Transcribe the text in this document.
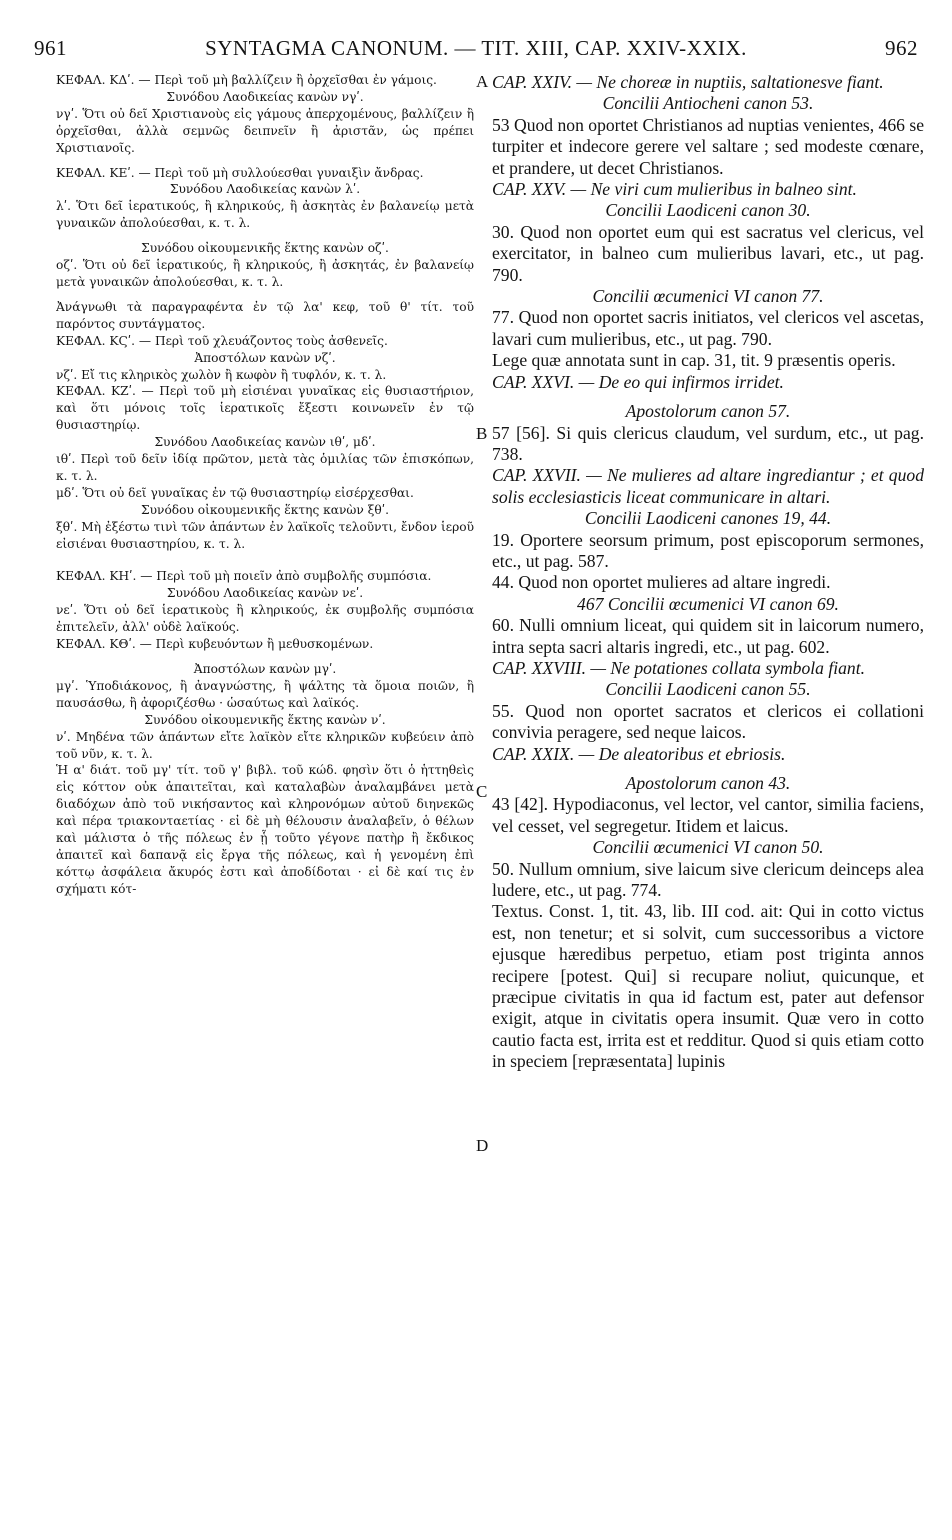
961	SYNTAGMA CANONUM. — TIT. XIII, CAP. XXIV-XXIX.	962
ΚΕΦΑΛ. ΚΔʹ. — Περὶ τοῦ μὴ βαλλίζειν ἢ ὀρχεῖσθαι ἐν γάμοις.
Συνόδου Λαοδικείας κανὼν νγʹ.
νγʹ. Ὅτι οὐ δεῖ Χριστιανοὺς εἰς γάμους ἀπερχομένους, βαλλίζειν ἢ ὀρχεῖσθαι, ἀλλὰ σεμνῶς δειπνεῖν ἢ ἀριστᾶν, ὡς πρέπει Χριστιανοῖς.
ΚΕΦΑΛ. ΚΕʹ. — Περὶ τοῦ μὴ συλλούεσθαι γυναιξὶν ἄνδρας.
Συνόδου Λαοδικείας κανὼν λʹ.
λʹ. Ὅτι δεῖ ἱερατικούς, ἢ κληρικούς, ἢ ἀσκητὰς ἐν βαλανείῳ μετὰ γυναικῶν ἀπολούεσθαι, κ. τ. λ.
Συνόδου οἰκουμενικῆς ἕκτης κανὼν οζʹ.
οζʹ. Ὅτι οὐ δεῖ ἱερατικούς, ἢ κληρικούς, ἢ ἀσκητάς, ἐν βαλανείῳ μετὰ γυναικῶν ἀπολούεσθαι, κ. τ. λ.
Ἀνάγνωθι τὰ παραγραφέντα ἐν τῷ λα' κεφ, τοῦ θ' τίτ. τοῦ παρόντος συντάγματος.
ΚΕΦΑΛ. ΚϚʹ. — Περὶ τοῦ χλευάζοντος τοὺς ἀσθενεῖς.
Ἀποστόλων κανὼν νζʹ.
νζʹ. Εἴ τις κληρικὸς χωλὸν ἢ κωφὸν ἢ τυφλόν, κ. τ. λ.
ΚΕΦΑΛ. ΚΖʹ. — Περὶ τοῦ μὴ εἰσιέναι γυναῖκας εἰς θυσιαστήριον, καὶ ὅτι μόνοις τοῖς ἱερατικοῖς ἔξεστι κοινωνεῖν ἐν τῷ θυσιαστηρίῳ.
Συνόδου Λαοδικείας κανὼν ιθʹ, μδʹ.
ιθʹ. Περὶ τοῦ δεῖν ἰδίᾳ πρῶτον, μετὰ τὰς ὁμιλίας τῶν ἐπισκόπων, κ. τ. λ.
μδʹ. Ὅτι οὐ δεῖ γυναῖκας ἐν τῷ θυσιαστηρίῳ εἰσέρχεσθαι.
Συνόδου οἰκουμενικῆς ἕκτης κανὼν ξθʹ.
ξθʹ. Μὴ ἐξέστω τινὶ τῶν ἁπάντων ἐν λαϊκοῖς τελοῦντι, ἔνδον ἱεροῦ εἰσιέναι θυσιαστηρίου, κ. τ. λ.
ΚΕΦΑΛ. ΚΗʹ. — Περὶ τοῦ μὴ ποιεῖν ἀπὸ συμβολῆς συμπόσια.
Συνόδου Λαοδικείας κανὼν νεʹ.
νεʹ. Ὅτι οὐ δεῖ ἱερατικοὺς ἢ κληρικούς, ἐκ συμβολῆς συμπόσια ἐπιτελεῖν, ἀλλ' οὐδὲ λαϊκούς.
ΚΕΦΑΛ. ΚΘʹ. — Περὶ κυβευόντων ἢ μεθυσκομένων.
Ἀποστόλων κανὼν μγʹ.
μγʹ. Ὑποδιάκονος, ἢ ἀναγνώστης, ἢ ψάλτης τὰ ὅμοια ποιῶν, ἢ παυσάσθω, ἢ ἀφοριζέσθω · ὡσαύτως καὶ λαϊκός.
Συνόδου οἰκουμενικῆς ἕκτης κανὼν νʹ.
νʹ. Μηδένα τῶν ἁπάντων εἴτε λαϊκὸν εἴτε κληρικῶν κυβεύειν ἀπὸ τοῦ νῦν, κ. τ. λ.
Ἡ α' διάτ. τοῦ μγ' τίτ. τοῦ γ' βιβλ. τοῦ κώδ. φησὶν ὅτι ὁ ἡττηθεὶς εἰς κόττον οὐκ ἀπαιτεῖται, καὶ καταλαβὼν ἀναλαμβάνει μετὰ διαδόχων ἀπὸ τοῦ νικήσαντος καὶ κληρονόμων αὐτοῦ διηνεκῶς καὶ πέρα τριακονταετίας · εἰ δὲ μὴ θέλουσιν ἀναλαβεῖν, ὁ θέλων καὶ μάλιστα ὁ τῆς πόλεως ἐν ᾗ τοῦτο γέγονε πατὴρ ἢ ἔκδικος ἀπαιτεῖ καὶ δαπανᾷ εἰς ἔργα τῆς πόλεως, καὶ ἡ γενομένη ἐπὶ κόττῳ ἀσφάλεια ἄκυρός ἐστι καὶ ἀποδίδοται · εἰ δὲ καί τις ἐν σχήματι κότ-
CAP. XXIV. — Ne choreæ in nuptiis, saltationesve fiant.
Concilii Antiocheni canon 53.
53 Quod non oportet Christianos ad nuptias venientes, 466 se turpiter et indecore gerere vel saltare ; sed modeste cœnare, et prandere, ut decet Christianos.
CAP. XXV. — Ne viri cum mulieribus in balneo sint.
Concilii Laodiceni canon 30.
30. Quod non oportet eum qui est sacratus vel clericus, vel exercitator, in balneo cum mulieribus lavari, etc., ut pag. 790.
Concilii œcumenici VI canon 77.
77. Quod non oportet sacris initiatos, vel clericos vel ascetas, lavari cum mulieribus, etc., ut pag. 790.
Lege quæ annotata sunt in cap. 31, tit. 9 præsentis operis.
CAP. XXVI. — De eo qui infirmos irridet.
Apostolorum canon 57.
57 [56]. Si quis clericus claudum, vel surdum, etc., ut pag. 738.
CAP. XXVII. — Ne mulieres ad altare ingrediantur ; et quod solis ecclesiasticis liceat communicare in altari.
Concilii Laodiceni canones 19, 44.
19. Oportere seorsum primum, post episcoporum sermones, etc., ut pag. 587.
44. Quod non oportet mulieres ad altare ingredi.
467 Concilii œcumenici VI canon 69.
60. Nulli omnium liceat, qui quidem sit in laicorum numero, intra septa sacri altaris ingredi, etc., ut pag. 602.
CAP. XXVIII. — Ne potationes collata symbola fiant.
Concilii Laodiceni canon 55.
55. Quod non oportet sacratos et clericos ei collationi convivia peragere, sed neque laicos.
CAP. XXIX. — De aleatoribus et ebriosis.
Apostolorum canon 43.
43 [42]. Hypodiaconus, vel lector, vel cantor, similia faciens, vel cesset, vel segregetur. Itidem et laicus.
Concilii œcumenici VI canon 50.
50. Nullum omnium, sive laicum sive clericum deinceps alea ludere, etc., ut pag. 774.
Textus. Const. 1, tit. 43, lib. III cod. ait: Qui in cotto victus est, non tenetur; et si solvit, cum successoribus a victore ejusque hæredibus perpetuo, etiam post triginta annos recipere [potest. Qui] si recupare noliut, quicunque, et præcipue civitatis in qua id factum est, pater aut defensor exigit, atque in civitatis opera insumit. Quæ vero in cotto cautio facta est, irrita est et redditur. Quod si quis etiam cotto in speciem [repræsentata] lupinis
A
B
C
D
